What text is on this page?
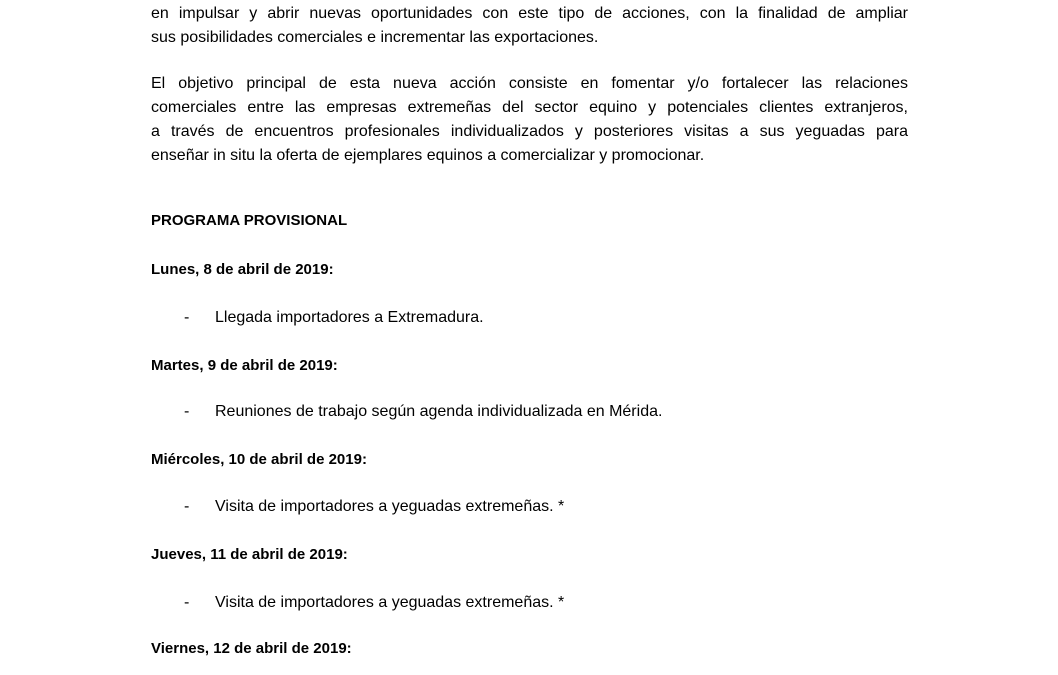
en impulsar y abrir nuevas oportunidades con este tipo de acciones, con la finalidad de ampliar
sus posibilidades comerciales e incrementar las exportaciones.

El objetivo principal de esta nueva acción consiste en fomentar y/o fortalecer las relaciones
comerciales entre las empresas extremeñas del sector equino y potenciales clientes extranjeros,
a través de encuentros profesionales individualizados y posteriores visitas a sus yeguadas para
enseñar in situ la oferta de ejemplares equinos a comercializar y promocionar.

PROGRAMA PROVISIONAL
Lunes, 8 de abril de 2019:
- Llegada importadores a Extremadura.
Martes, 9 de abril de 2019:
- Reuniones de trabajo según agenda individualizada en Mérida.
Miércoles, 10 de abril de 2019:
- Visita de importadores a yeguadas extremeñas. *
Jueves, 11 de abril de 2019:
- Visita de importadores a yeguadas extremeñas. *
Viernes, 12 de abril de 2019:
